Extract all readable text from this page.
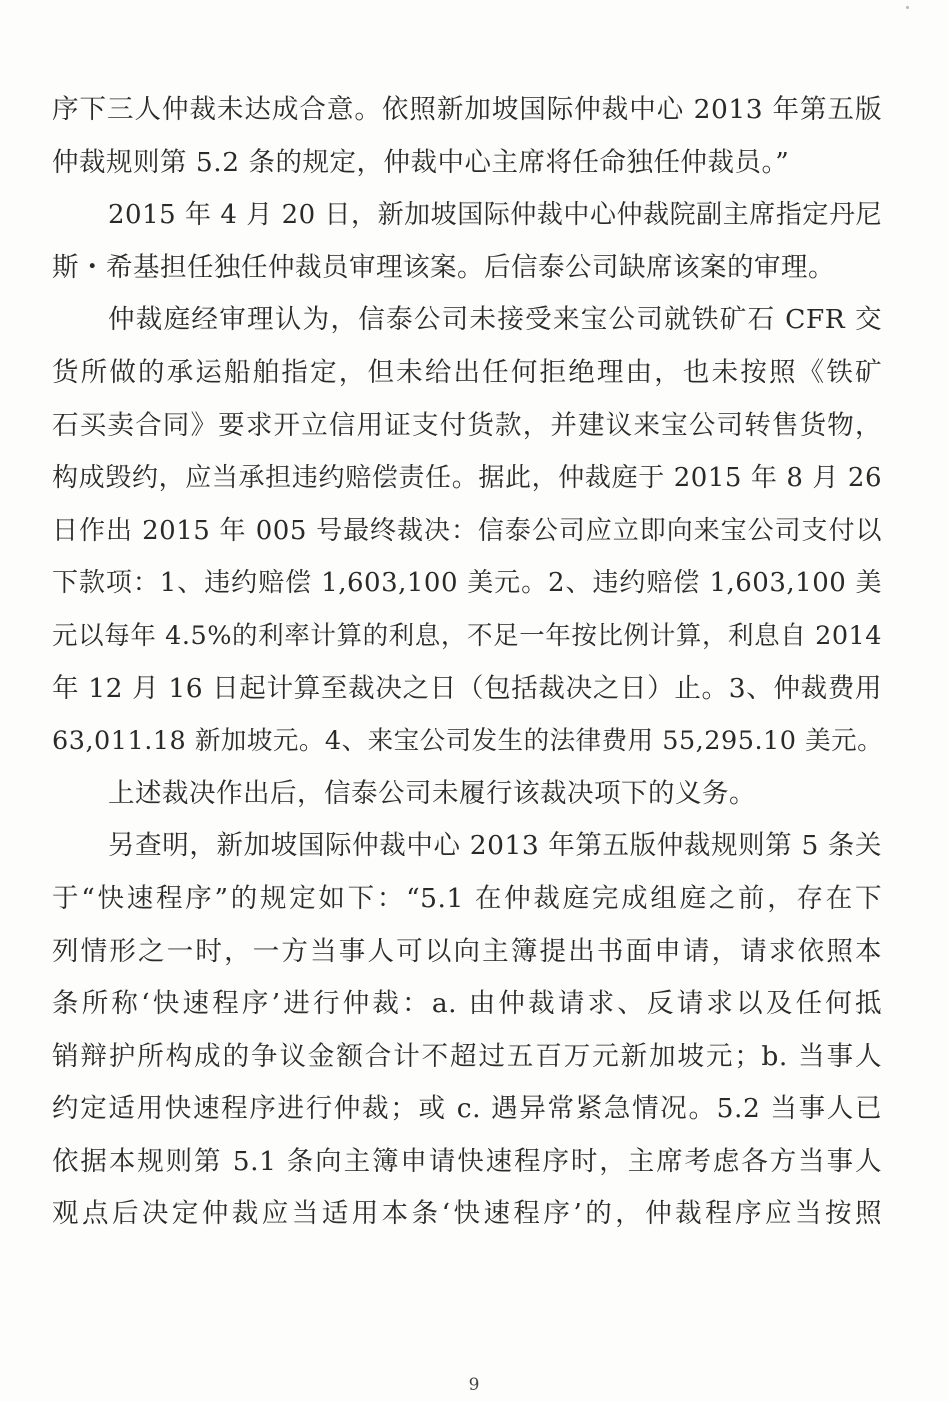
序下三人仲裁未达成合意。依照新加坡国际仲裁中心 2013 年第五版
仲裁规则第 5.2 条的规定，仲裁中心主席将任命独任仲裁员。”
2015 年 4 月 20 日，新加坡国际仲裁中心仲裁院副主席指定丹尼
斯・希基担任独任仲裁员审理该案。后信泰公司缺席该案的审理。
仲裁庭经审理认为，信泰公司未接受来宝公司就铁矿石 CFR 交
货所做的承运船舶指定，但未给出任何拒绝理由，也未按照《铁矿
石买卖合同》要求开立信用证支付货款，并建议来宝公司转售货物，
构成毁约，应当承担违约赔偿责任。据此，仲裁庭于 2015 年 8 月 26
日作出 2015 年 005 号最终裁决：信泰公司应立即向来宝公司支付以
下款项：1、违约赔偿 1,603,100 美元。2、违约赔偿 1,603,100 美
元以每年 4.5%的利率计算的利息，不足一年按比例计算，利息自 2014
年 12 月 16 日起计算至裁决之日（包括裁决之日）止。3、仲裁费用
63,011.18 新加坡元。4、来宝公司发生的法律费用 55,295.10 美元。
上述裁决作出后，信泰公司未履行该裁决项下的义务。
另查明，新加坡国际仲裁中心 2013 年第五版仲裁规则第 5 条关
于“快速程序”的规定如下：“5.1 在仲裁庭完成组庭之前，存在下
列情形之一时，一方当事人可以向主簿提出书面申请，请求依照本
条所称‘快速程序’进行仲裁：a. 由仲裁请求、反请求以及任何抵
销辩护所构成的争议金额合计不超过五百万元新加坡元；b. 当事人
约定适用快速程序进行仲裁；或 c. 遇异常紧急情况。5.2 当事人已
依据本规则第 5.1 条向主簿申请快速程序时，主席考虑各方当事人
观点后决定仲裁应当适用本条‘快速程序’的，仲裁程序应当按照
9
